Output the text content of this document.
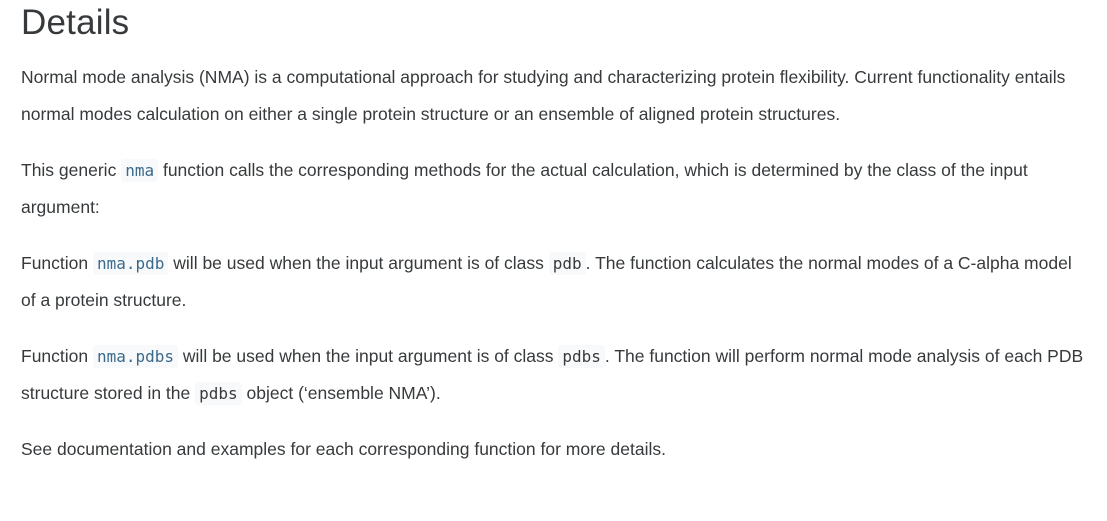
Details

Normal mode analysis (NMA) is a computational approach for studying and characterizing protein flexibility. Current functionality entails normal modes calculation on either a single protein structure or an ensemble of aligned protein structures.

This generic nma function calls the corresponding methods for the actual calculation, which is determined by the class of the input argument:

Function nma.pdb will be used when the input argument is of class pdb . The function calculates the normal modes of a C-alpha model of a protein structure.

Function nma.pdbs will be used when the input argument is of class pdbs . The function will perform normal mode analysis of each PDB structure stored in the pdbs object (‘ensemble NMA’).

See documentation and examples for each corresponding function for more details.
